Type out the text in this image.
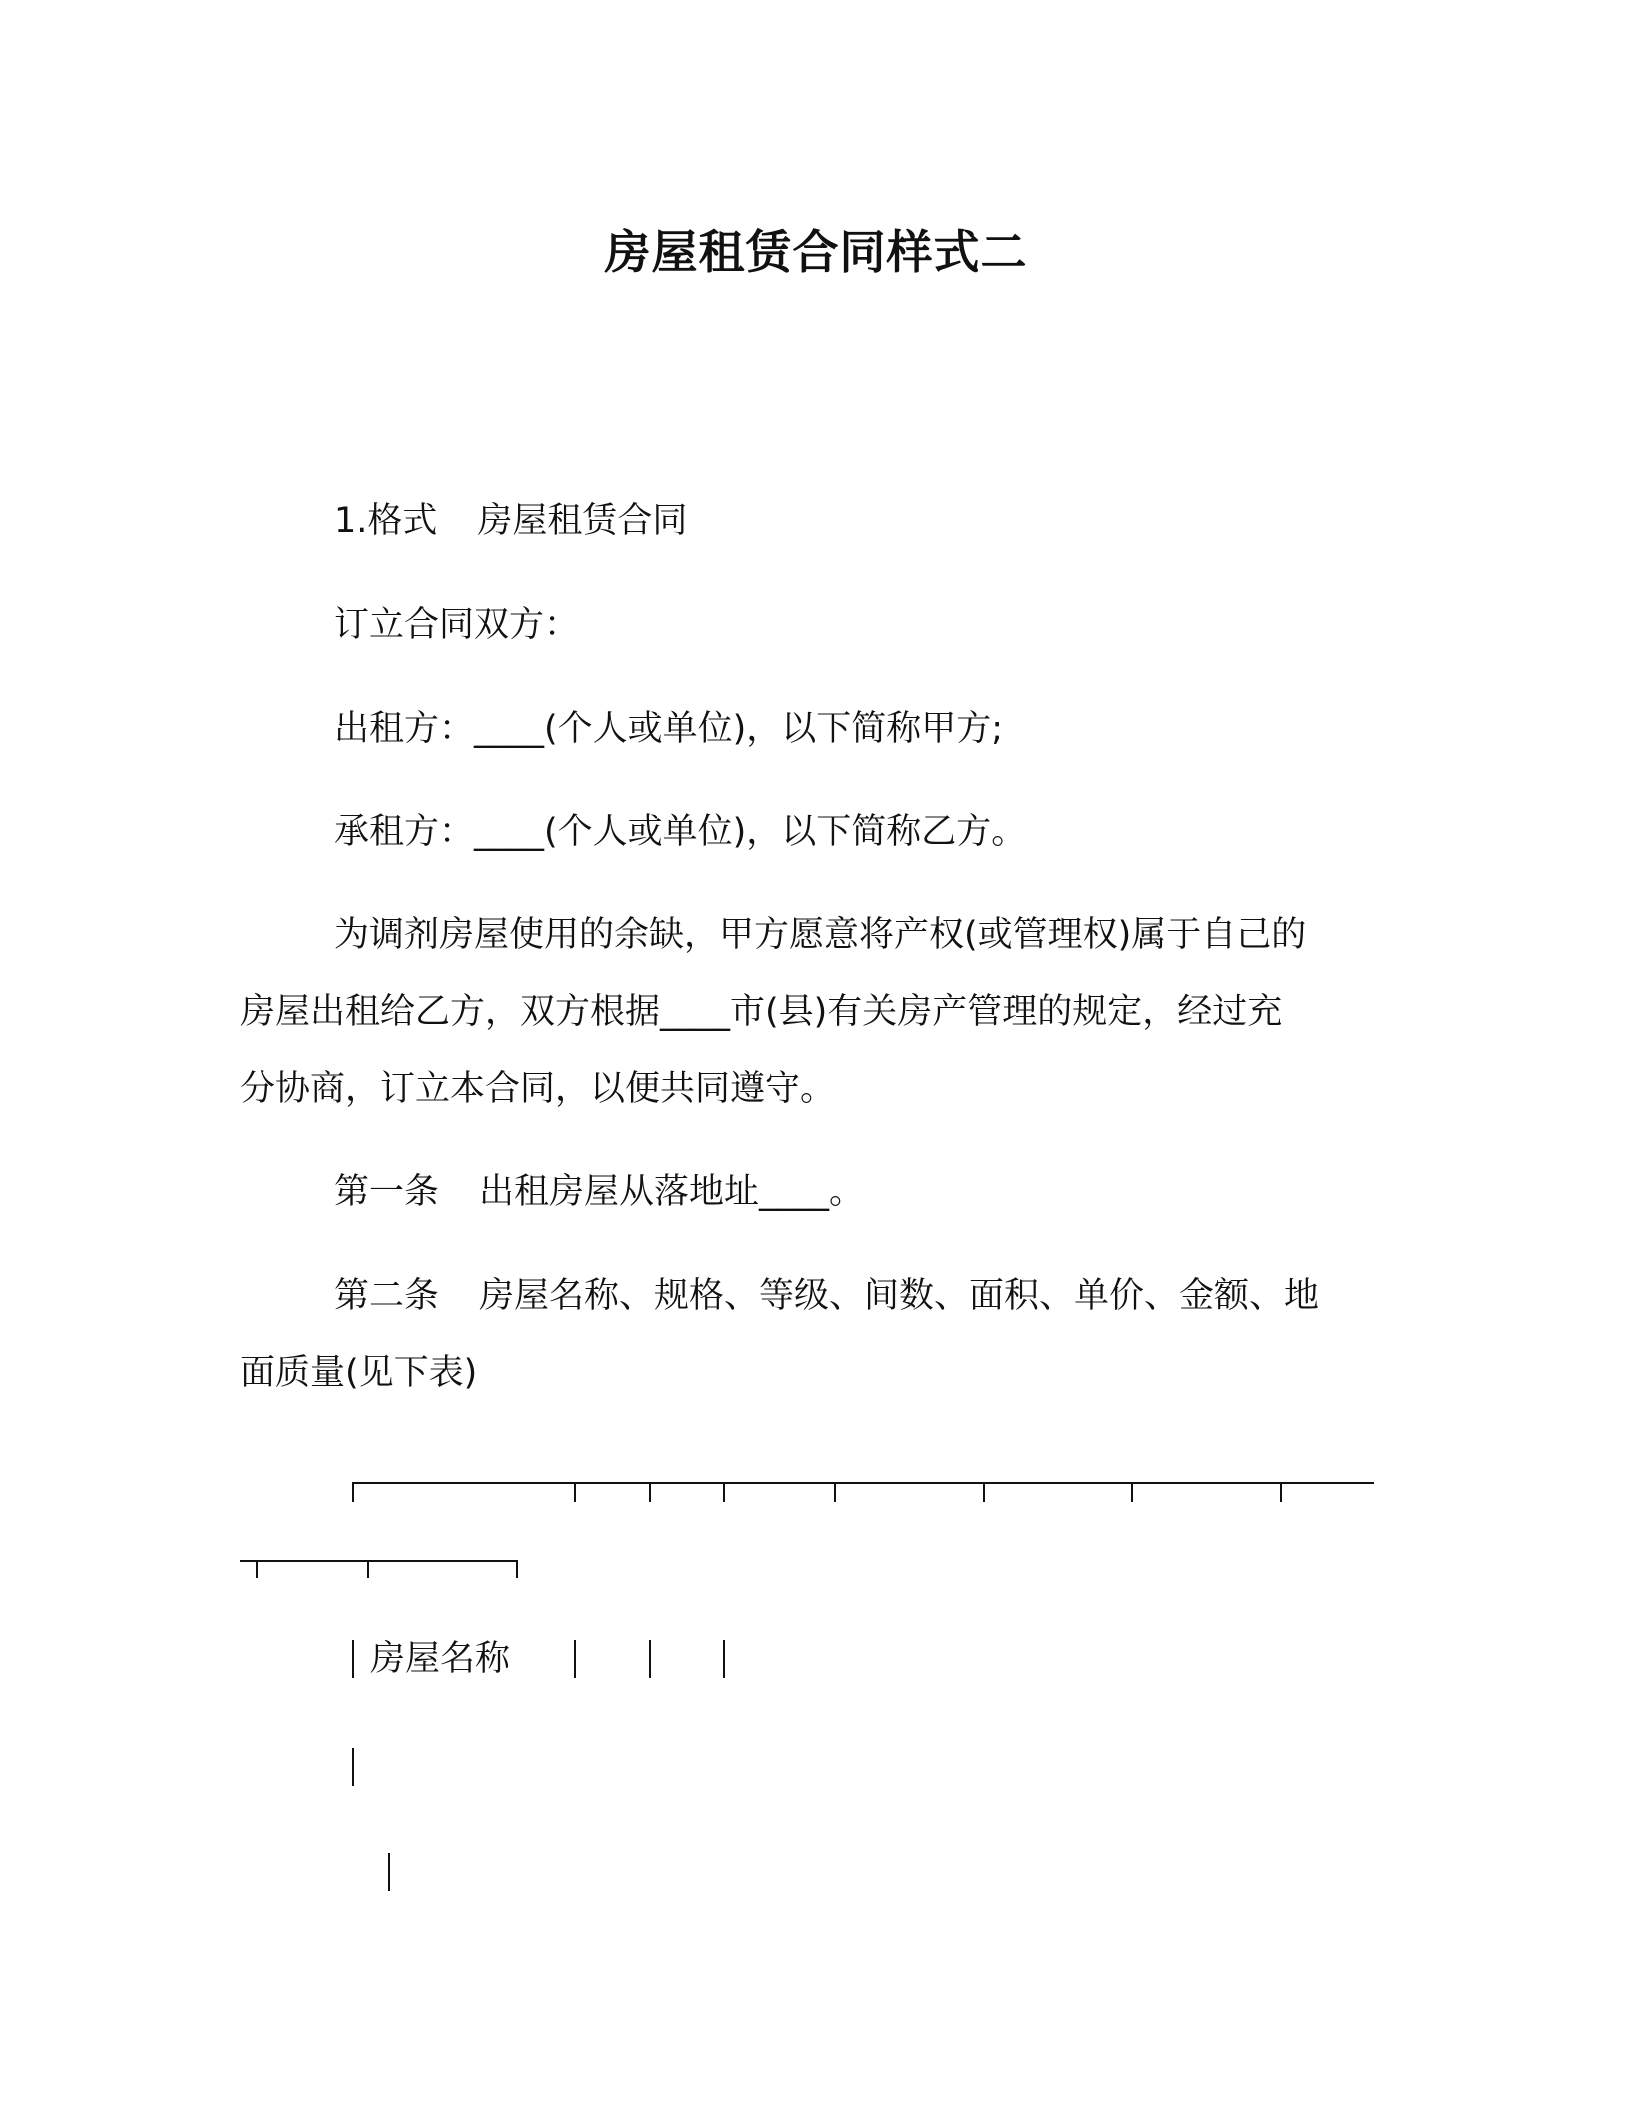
房屋租赁合同样式二
1.格式 房屋租赁合同
订立合同双方：
出租方：____(个人或单位)，以下简称甲方;
承租方：____(个人或单位)，以下简称乙方。
为调剂房屋使用的余缺，甲方愿意将产权(或管理权)属于自己的
房屋出租给乙方，双方根据____市(县)有关房产管理的规定，经过充
分协商，订立本合同，以便共同遵守。
第一条 出租房屋从落地址____。
第二条 房屋名称、规格、等级、间数、面积、单价、金额、地
面质量(见下表)
房屋名称
